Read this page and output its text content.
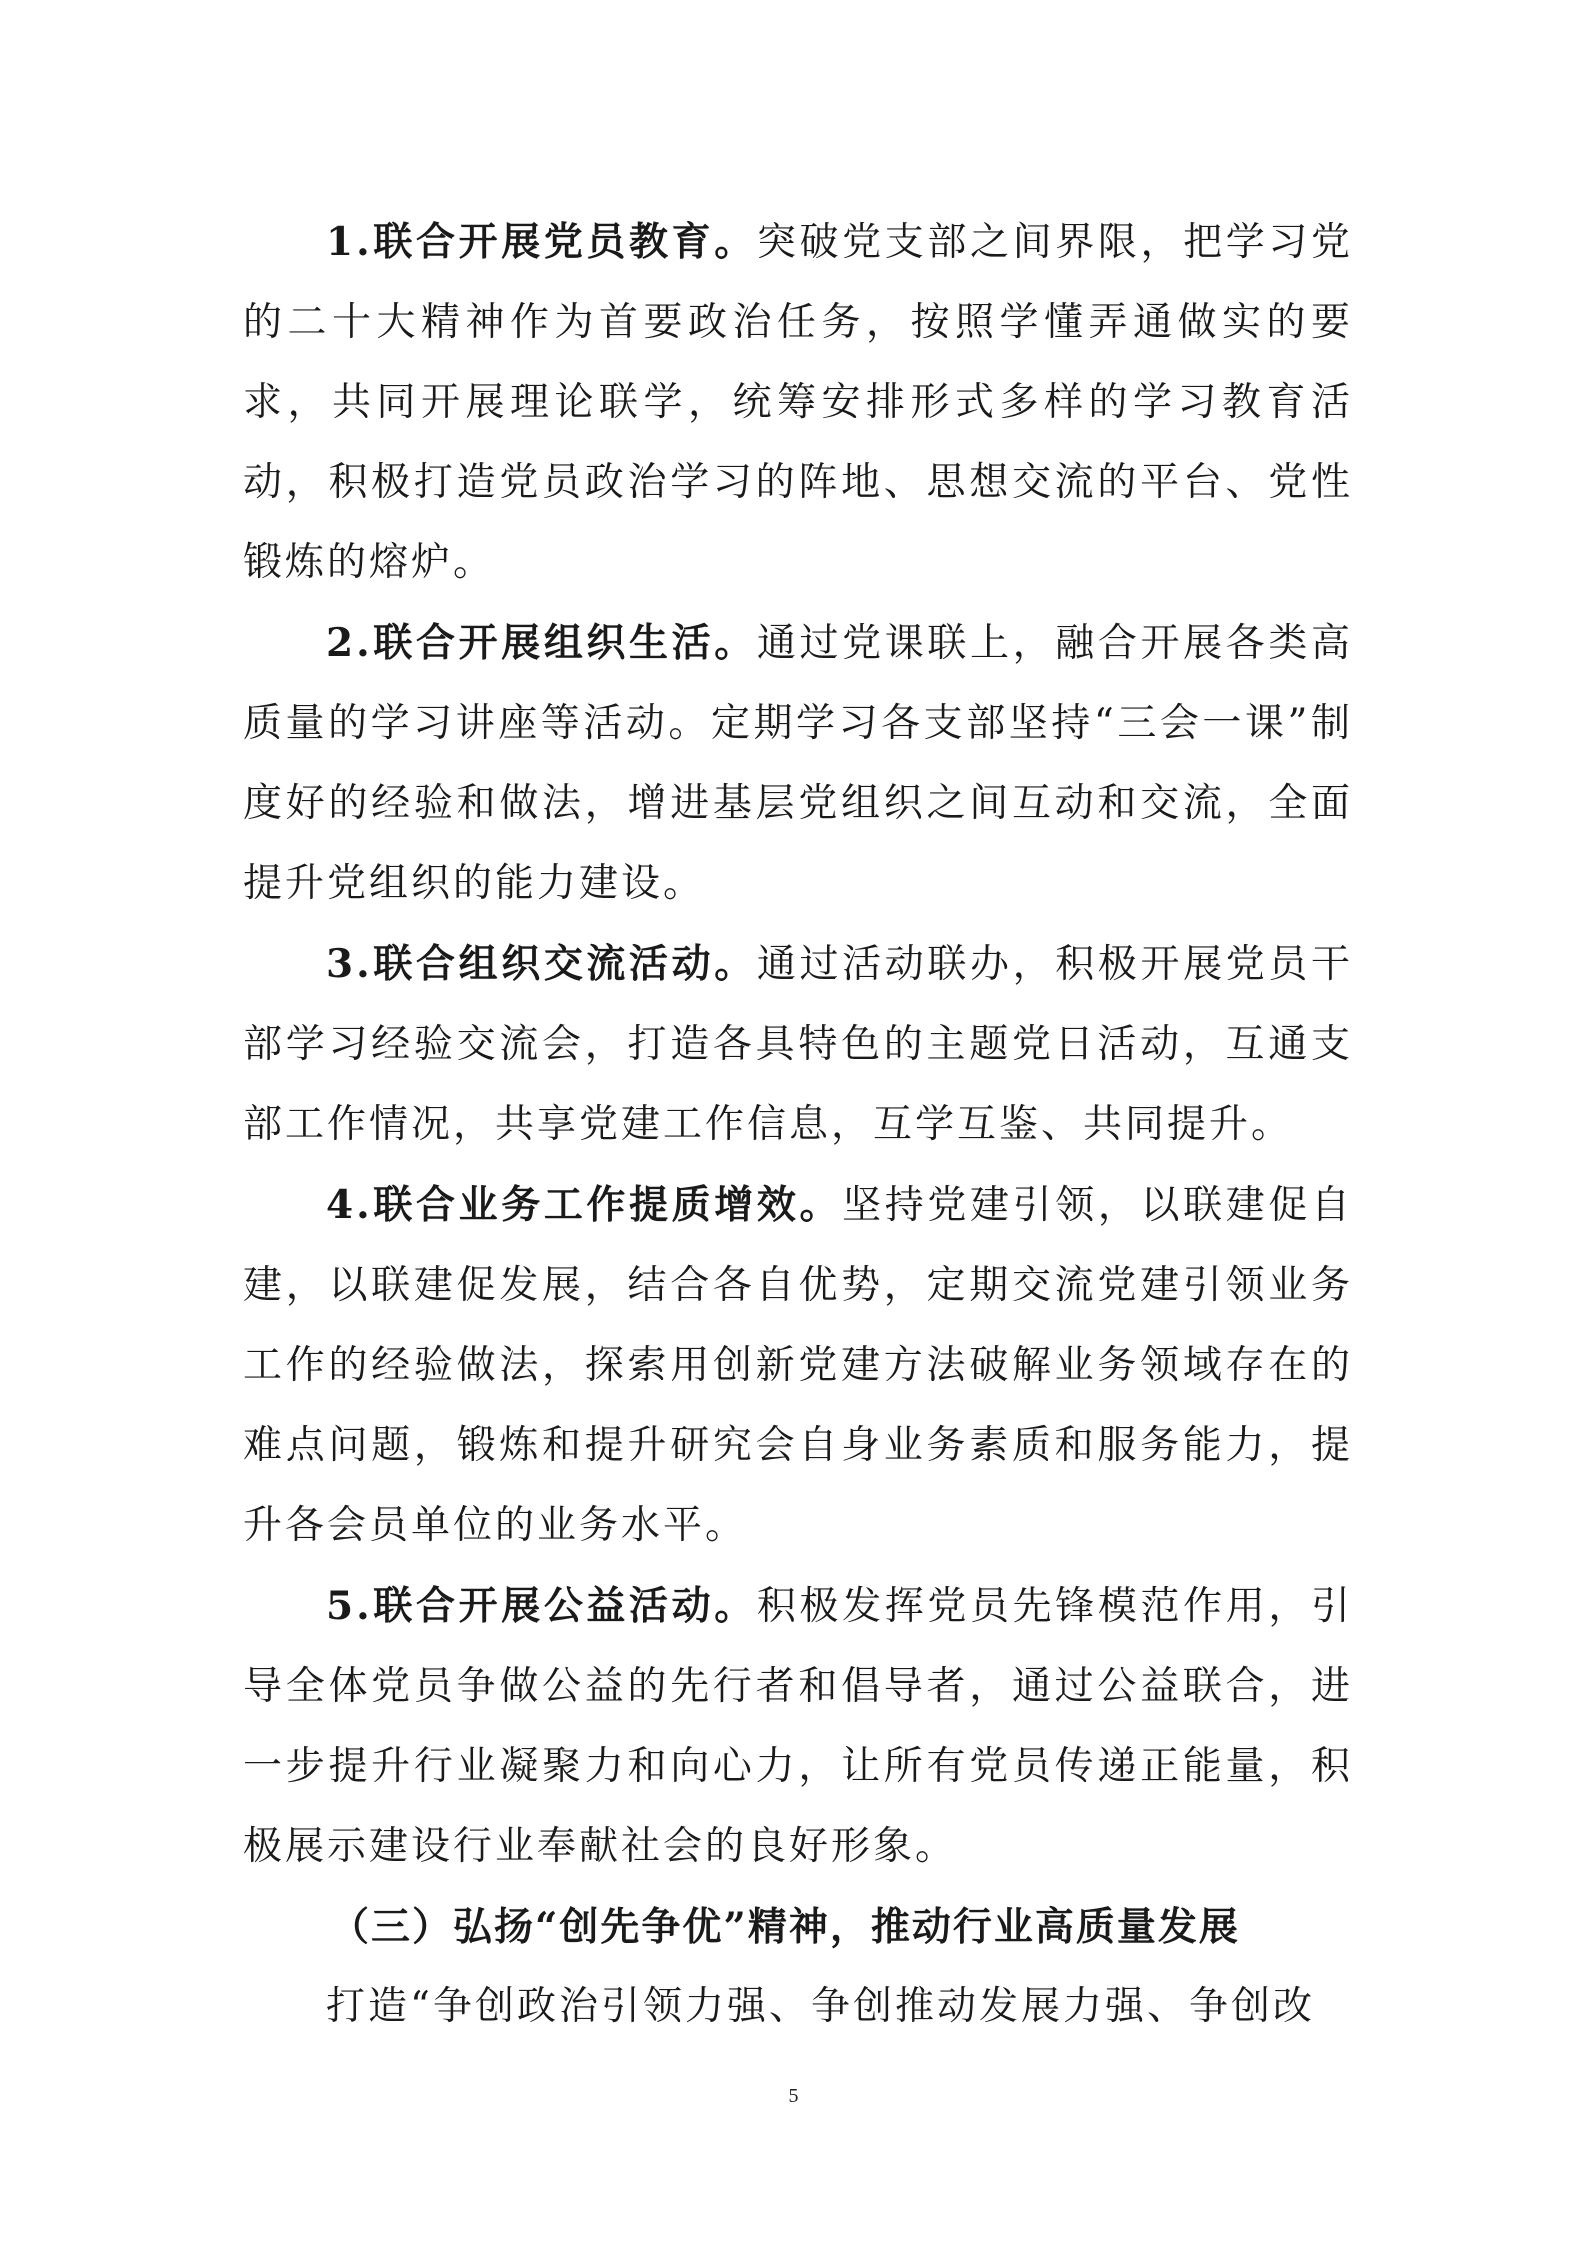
1.联合开展党员教育。突破党支部之间界限，把学习党的二十大精神作为首要政治任务，按照学懂弄通做实的要求，共同开展理论联学，统筹安排形式多样的学习教育活动，积极打造党员政治学习的阵地、思想交流的平台、党性锻炼的熔炉。

2.联合开展组织生活。通过党课联上，融合开展各类高质量的学习讲座等活动。定期学习各支部坚持“三会一课”制度好的经验和做法，增进基层党组织之间互动和交流，全面提升党组织的能力建设。

3.联合组织交流活动。通过活动联办，积极开展党员干部学习经验交流会，打造各具特色的主题党日活动，互通支部工作情况，共享党建工作信息，互学互鉴、共同提升。

4.联合业务工作提质增效。坚持党建引领，以联建促自建，以联建促发展，结合各自优势，定期交流党建引领业务工作的经验做法，探索用创新党建方法破解业务领域存在的难点问题，锻炼和提升研究会自身业务素质和服务能力，提升各会员单位的业务水平。

5.联合开展公益活动。积极发挥党员先锋模范作用，引导全体党员争做公益的先行者和倡导者，通过公益联合，进一步提升行业凝聚力和向心力，让所有党员传递正能量，积极展示建设行业奉献社会的良好形象。

（三）弘扬“创先争优”精神，推动行业高质量发展

打造“争创政治引领力强、争创推动发展力强、争创改

5
